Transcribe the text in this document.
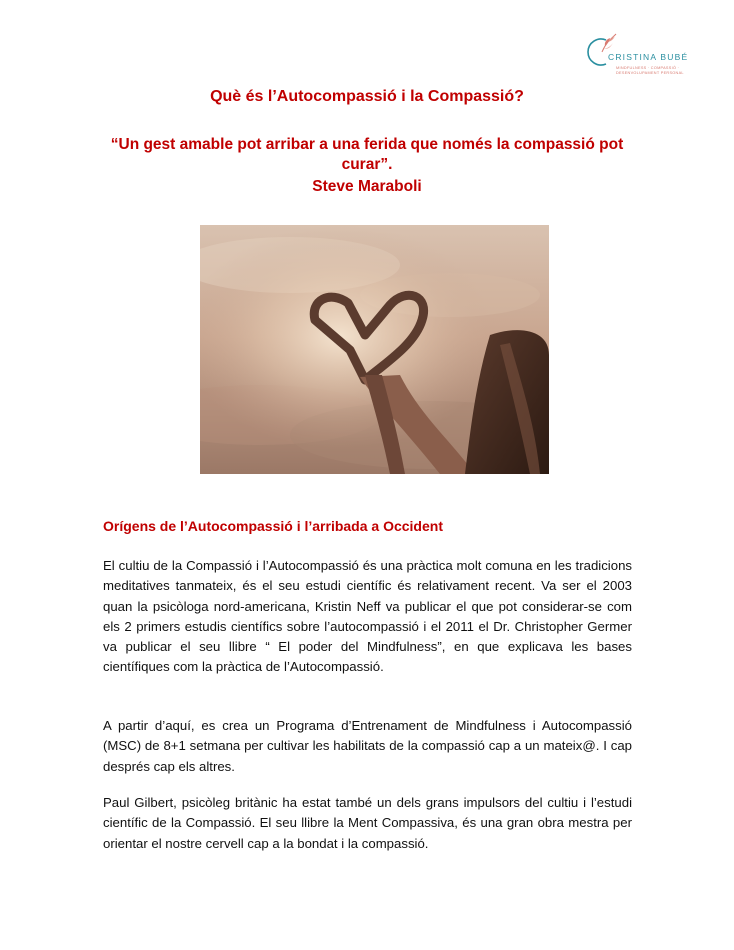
CRISTINA BUBÉ
MINDFULNESS · COMPASSIÓ · DESENVOLUPAMENT PERSONAL
Què és l’Autocompassió i la Compassió?
“Un gest amable pot arribar a una ferida que només la compassió pot curar”.
Steve Maraboli
Orígens de l’Autocompassió i l’arribada a Occident

El cultiu de la Compassió i l’Autocompassió és una pràctica molt comuna en les tradicions meditatives tanmateix, és el seu estudi científic és relativament recent. Va ser el 2003 quan la psicòloga nord-americana, Kristin Neff va publicar el que pot considerar-se com els 2 primers estudis científics sobre l’autocompassió i el 2011 el Dr. Christopher Germer va publicar el seu llibre “ El poder del Mindfulness”, en que explicava les bases científiques com la pràctica de l’Autocompassió.

A partir d’aquí, es crea un Programa d’Entrenament de Mindfulness i Autocompassió (MSC) de 8+1 setmana per cultivar les habilitats de la compassió cap a un mateix@. I cap després cap els altres.

Paul Gilbert, psicòleg britànic ha estat també un dels grans impulsors del cultiu i l’estudi científic de la Compassió. El seu llibre la Ment Compassiva, és una gran obra mestra per orientar el nostre cervell cap a la bondat i la compassió.
